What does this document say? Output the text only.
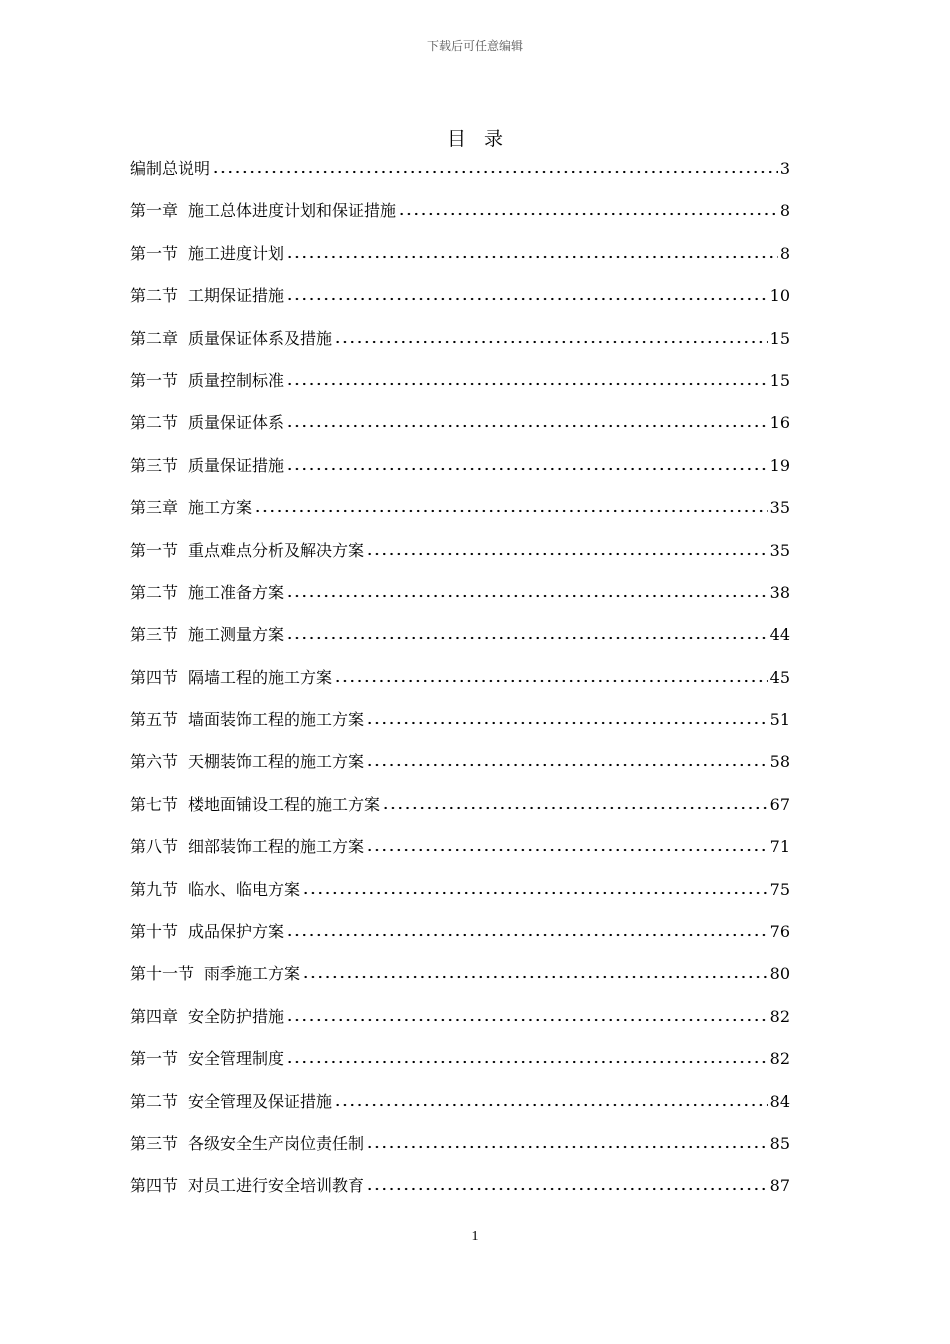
下载后可任意编辑
目录
编制总说明	3
第一章 施工总体进度计划和保证措施	8
第一节 施工进度计划	8
第二节 工期保证措施	10
第二章 质量保证体系及措施	15
第一节 质量控制标准	15
第二节 质量保证体系	16
第三节 质量保证措施	19
第三章 施工方案	35
第一节 重点难点分析及解决方案	35
第二节 施工准备方案	38
第三节 施工测量方案	44
第四节 隔墙工程的施工方案	45
第五节 墙面装饰工程的施工方案	51
第六节 天棚装饰工程的施工方案	58
第七节 楼地面铺设工程的施工方案	67
第八节 细部装饰工程的施工方案	71
第九节 临水、临电方案	75
第十节 成品保护方案	76
第十一节 雨季施工方案	80
第四章 安全防护措施	82
第一节 安全管理制度	82
第二节 安全管理及保证措施	84
第三节 各级安全生产岗位责任制	85
第四节 对员工进行安全培训教育	87
1
